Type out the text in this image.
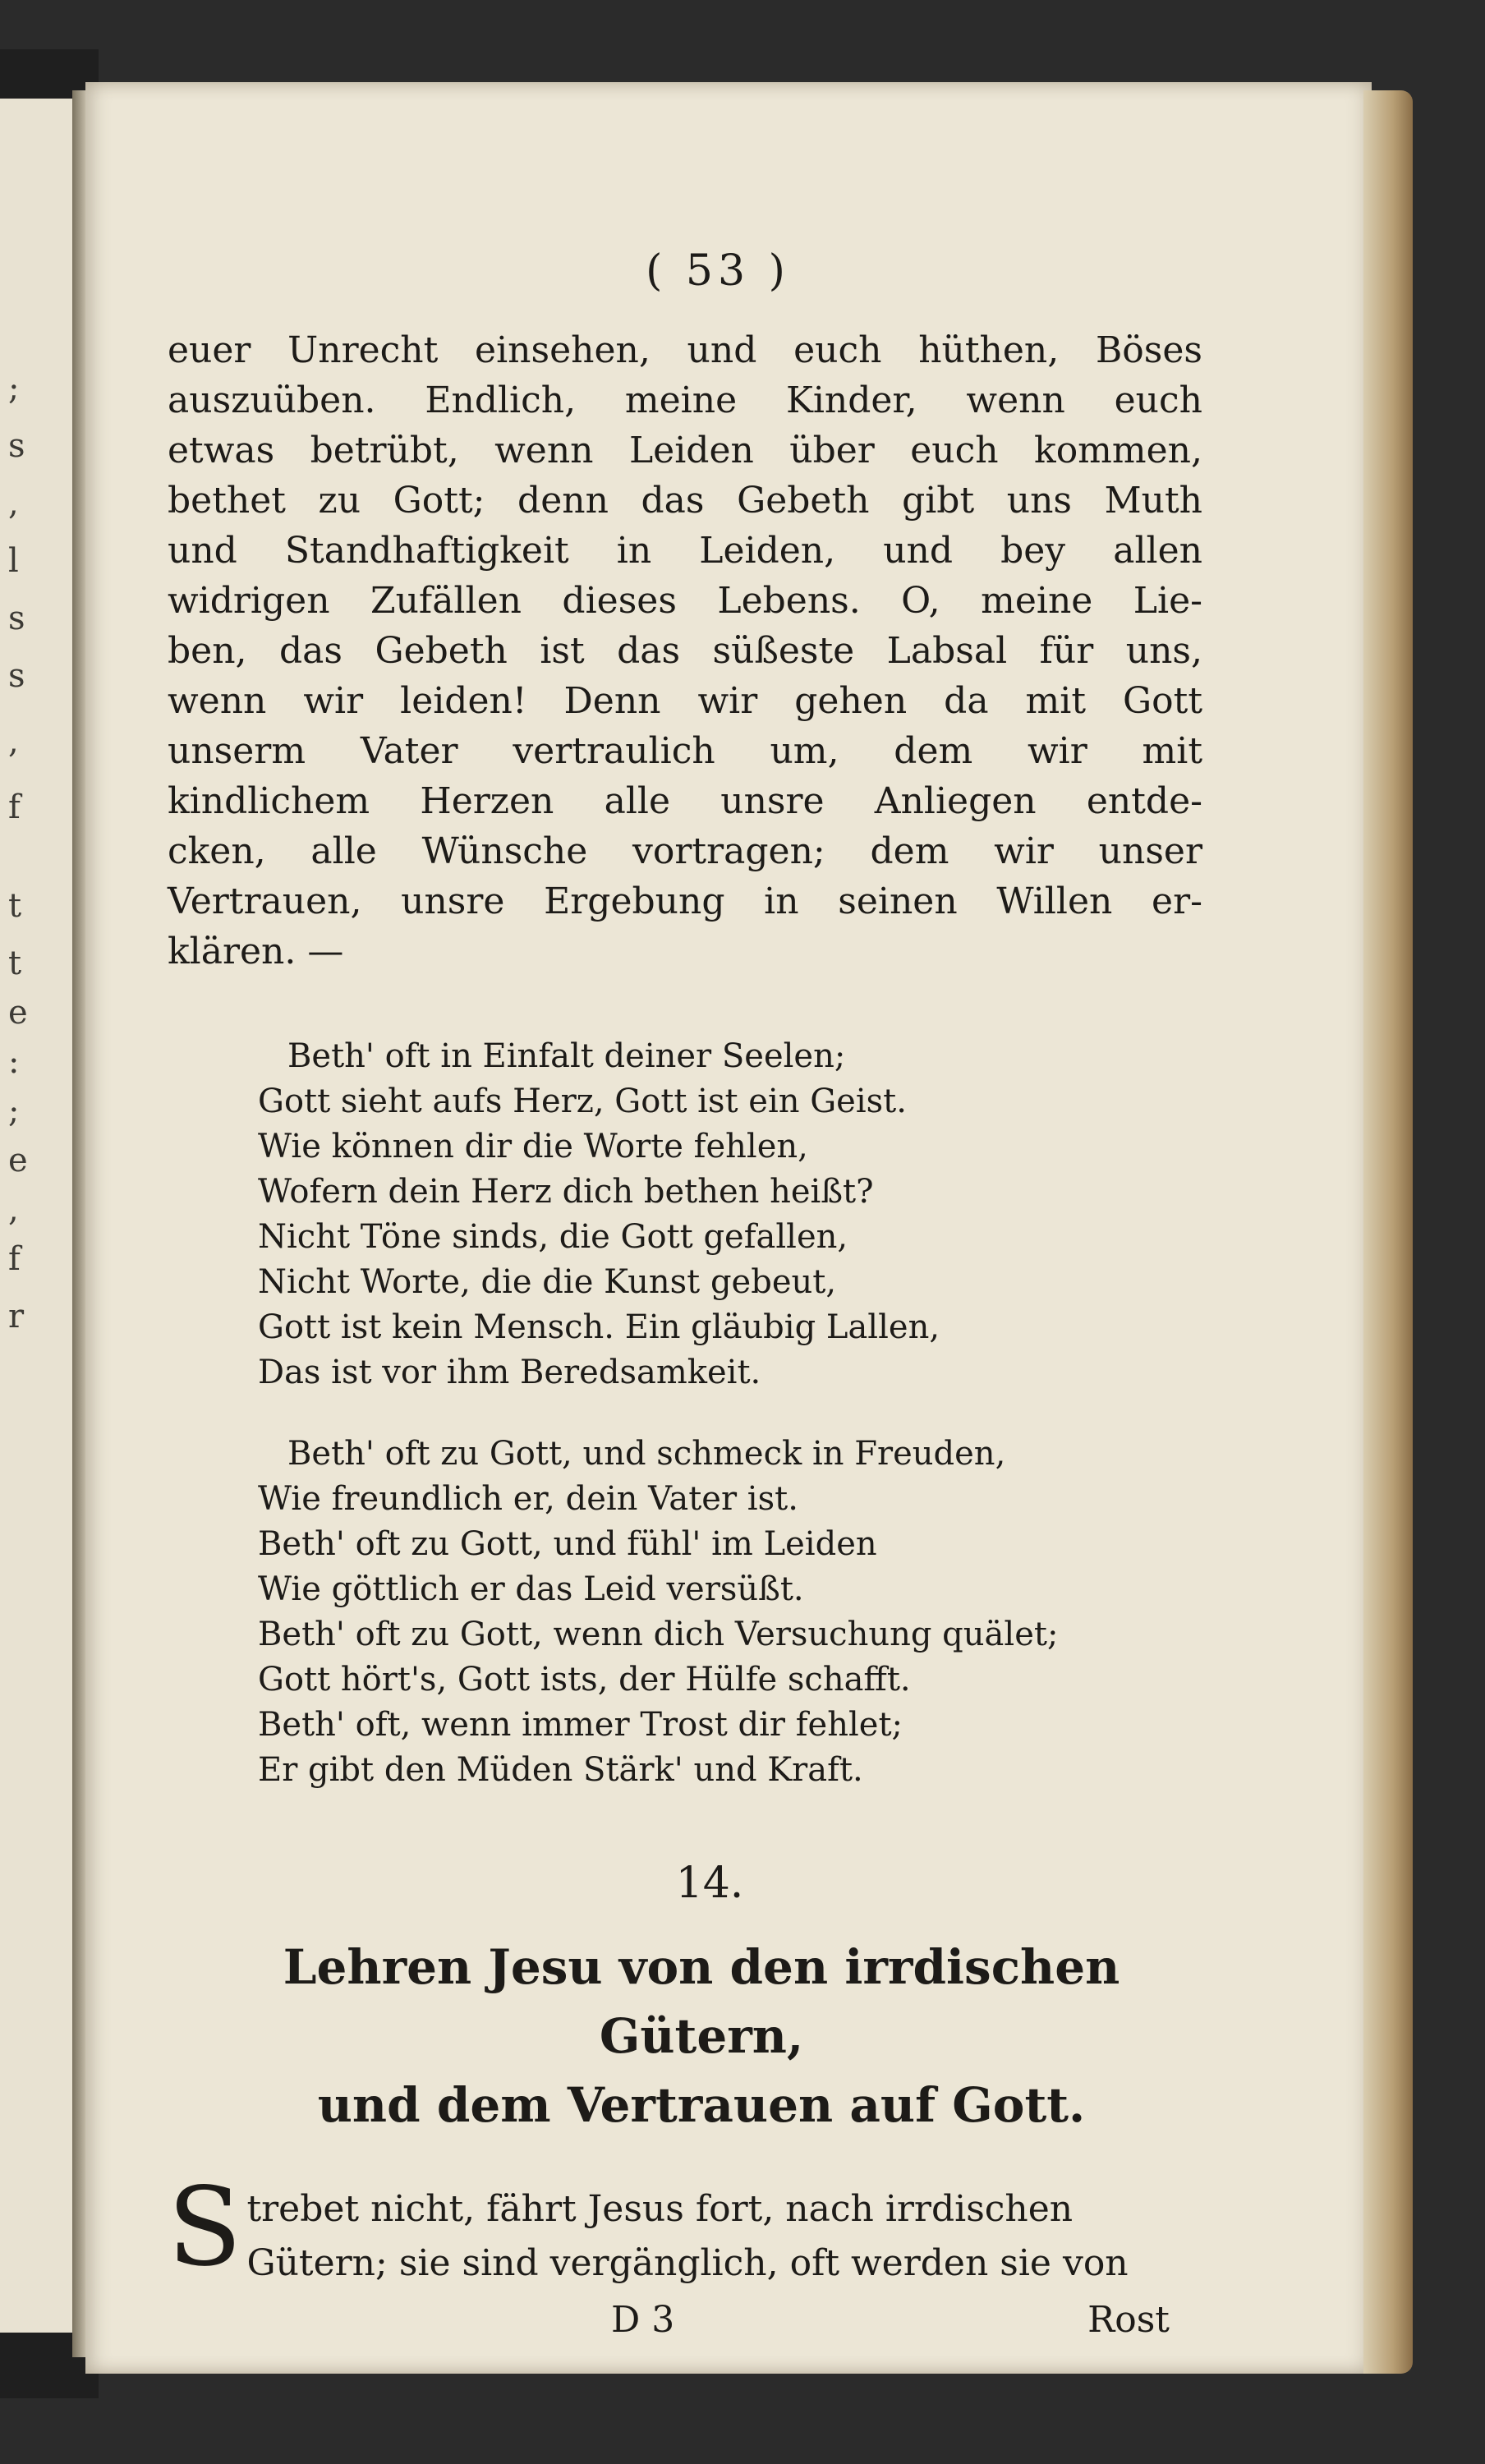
;
s
,
l
s
s
,
f
t
t
e
:
;
e
,
f
r
( 53 )
euer Unrecht einsehen, und euch hüthen, Böses
auszuüben. Endlich, meine Kinder, wenn euch
etwas betrübt, wenn Leiden über euch kommen,
bethet zu Gott; denn das Gebeth gibt uns Muth
und Standhaftigkeit in Leiden, und bey allen
widrigen Zufällen dieses Lebens. O, meine Lie-
ben, das Gebeth ist das süßeste Labsal für uns,
wenn wir leiden! Denn wir gehen da mit Gott
unserm Vater vertraulich um, dem wir mit
kindlichem Herzen alle unsre Anliegen entde-
cken, alle Wünsche vortragen; dem wir unser
Vertrauen, unsre Ergebung in seinen Willen er-
klären. —
Beth' oft in Einfalt deiner Seelen;
Gott sieht aufs Herz, Gott ist ein Geist.
Wie können dir die Worte fehlen,
Wofern dein Herz dich bethen heißt?
Nicht Töne sinds, die Gott gefallen,
Nicht Worte, die die Kunst gebeut,
Gott ist kein Mensch. Ein gläubig Lallen,
Das ist vor ihm Beredsamkeit.
Beth' oft zu Gott, und schmeck in Freuden,
Wie freundlich er, dein Vater ist.
Beth' oft zu Gott, und fühl' im Leiden
Wie göttlich er das Leid versüßt.
Beth' oft zu Gott, wenn dich Versuchung quälet;
Gott hört's, Gott ists, der Hülfe schafft.
Beth' oft, wenn immer Trost dir fehlet;
Er gibt den Müden Stärk' und Kraft.
14.
Lehren Jesu von den irrdischen Gütern,
und dem Vertrauen auf Gott.
S trebet nicht, fährt Jesus fort, nach irrdischen
Gütern; sie sind vergänglich, oft werden sie von
D 3	Rost
